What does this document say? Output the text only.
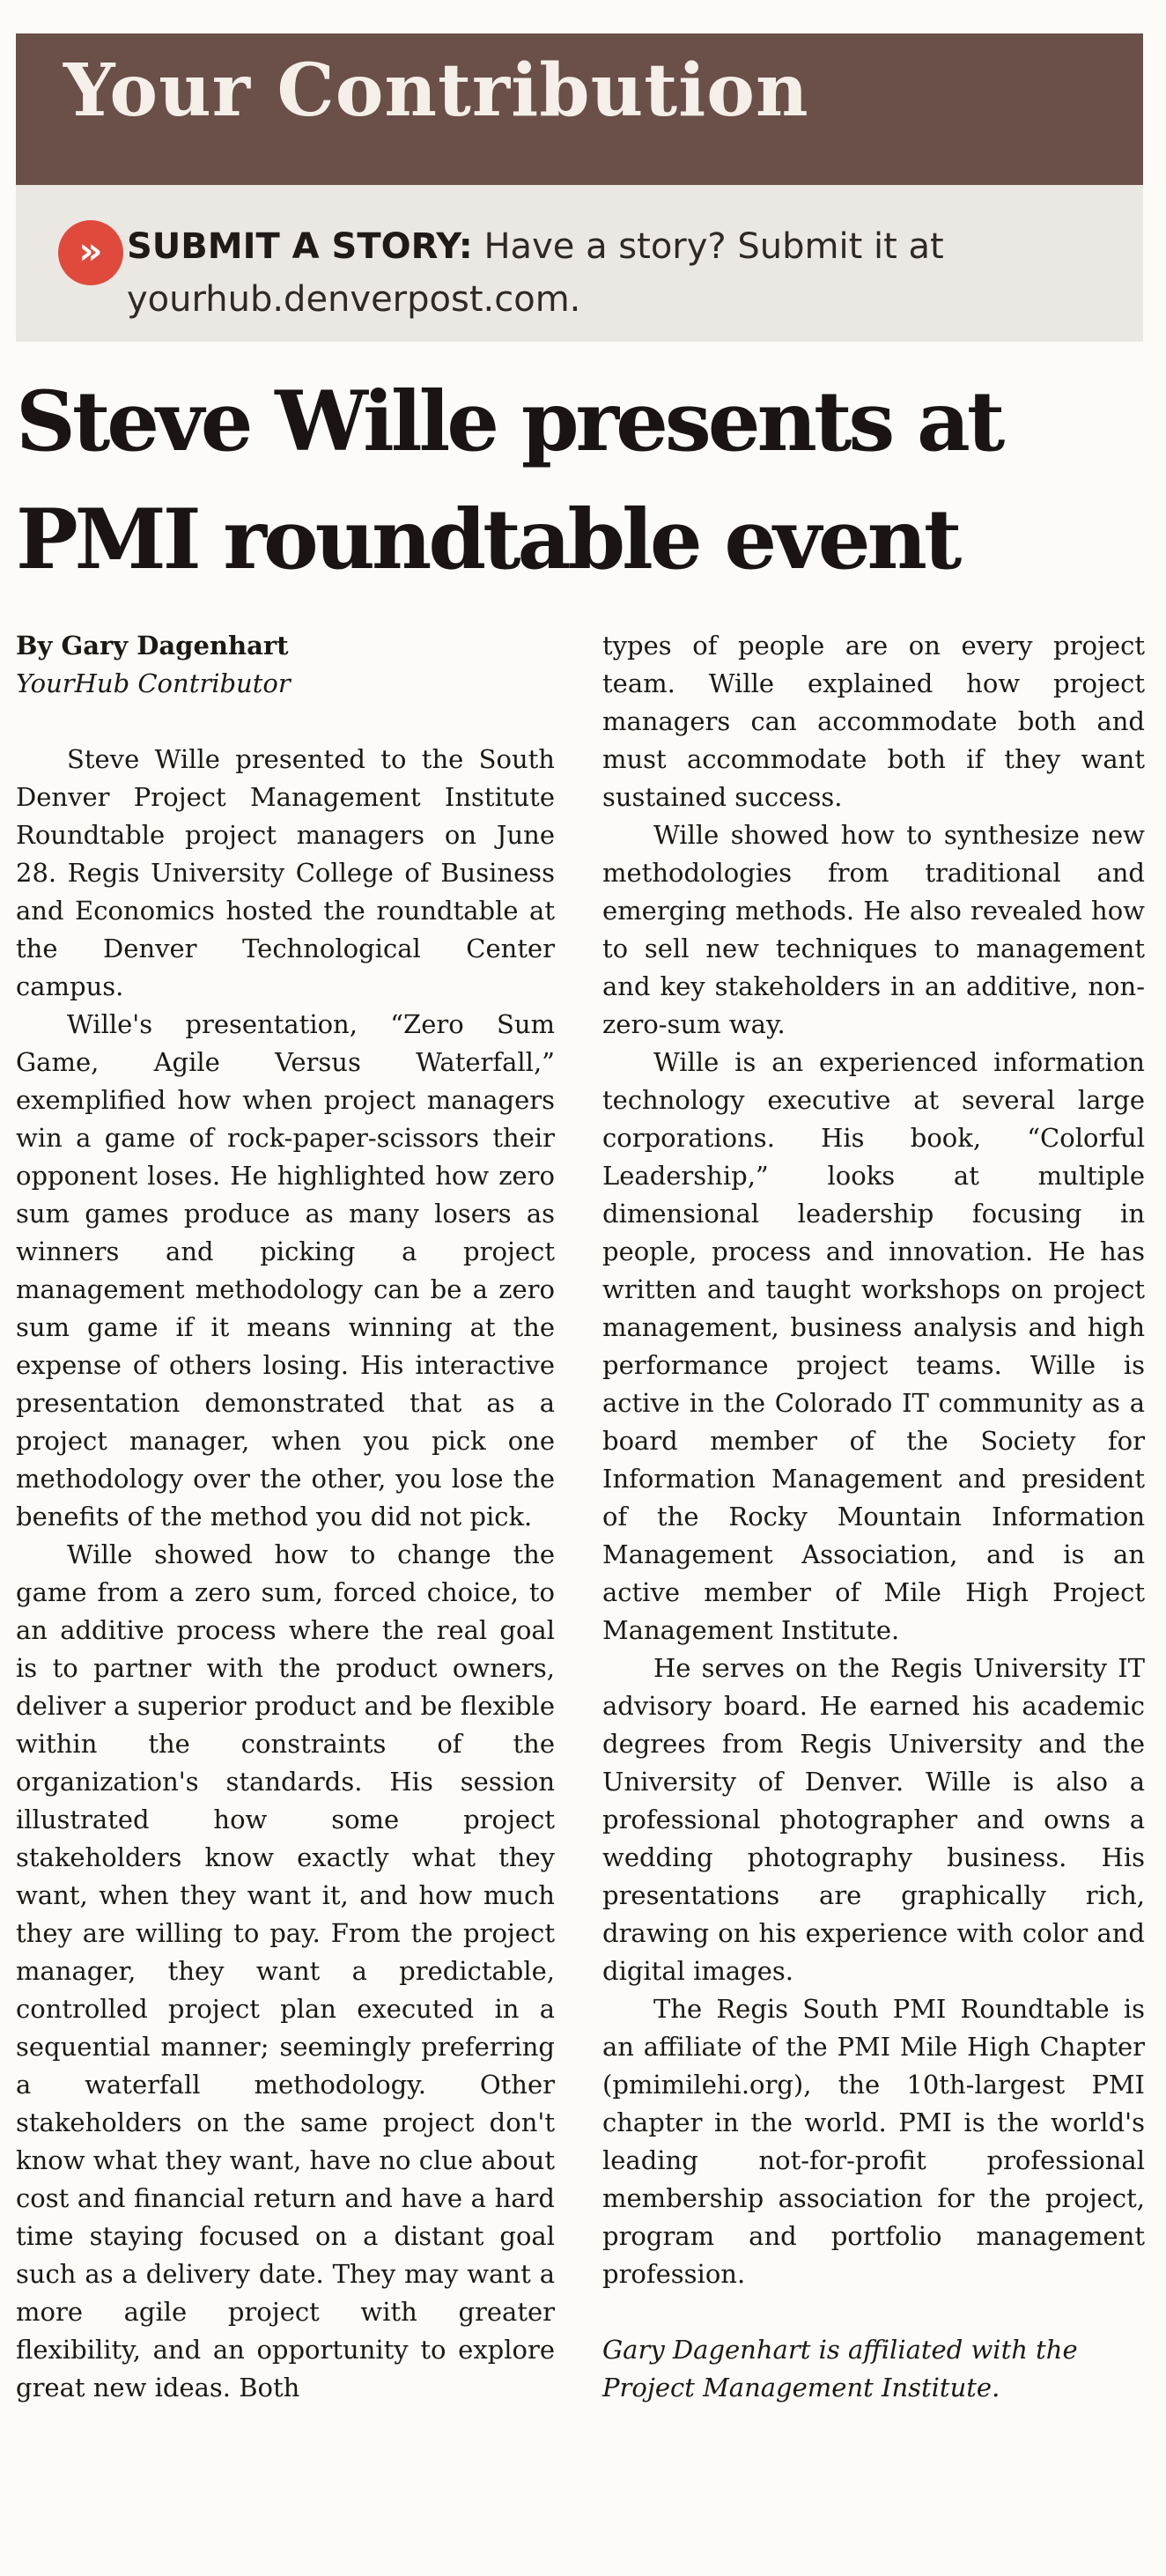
Your Contribution
» SUBMIT A STORY: Have a story? Submit it at
yourhub.denverpost.com.

Steve Wille presents at PMI roundtable event

By Gary Dagenhart

YourHub Contributor

Steve Wille presented to the South Denver Project Management Institute Roundtable project managers on June 28. Regis University College of Business and Economics hosted the roundtable at the Denver Technological Center campus.

Wille's presentation, “Zero Sum Game, Agile Versus Waterfall,” exemplified how when project managers win a game of rock-paper-scissors their opponent loses. He highlighted how zero sum games produce as many losers as winners and picking a project management methodology can be a zero sum game if it means winning at the expense of others losing. His interactive presentation demonstrated that as a project manager, when you pick one methodology over the other, you lose the benefits of the method you did not pick.

Wille showed how to change the game from a zero sum, forced choice, to an additive process where the real goal is to partner with the product owners, deliver a superior product and be flexible within the constraints of the organization's standards. His session illustrated how some project stakeholders know exactly what they want, when they want it, and how much they are willing to pay. From the project manager, they want a predictable, controlled project plan executed in a sequential manner; seemingly preferring a waterfall methodology. Other stakeholders on the same project don't know what they want, have no clue about cost and financial return and have a hard time staying focused on a distant goal such as a delivery date. They may want a more agile project with greater flexibility, and an opportunity to explore great new ideas. Both

types of people are on every project team. Wille explained how project managers can accommodate both and must accommodate both if they want sustained success.

Wille showed how to synthesize new methodologies from traditional and emerging methods. He also revealed how to sell new techniques to management and key stakeholders in an additive, non-zero-sum way.

Wille is an experienced information technology executive at several large corporations. His book, “Colorful Leadership,” looks at multiple dimensional leadership focusing in people, process and innovation. He has written and taught workshops on project management, business analysis and high performance project teams. Wille is active in the Colorado IT community as a board member of the Society for Information Management and president of the Rocky Mountain Information Management Association, and is an active member of Mile High Project Management Institute.

He serves on the Regis University IT advisory board. He earned his academic degrees from Regis University and the University of Denver. Wille is also a professional photographer and owns a wedding photography business. His presentations are graphically rich, drawing on his experience with color and digital images.

The Regis South PMI Roundtable is an affiliate of the PMI Mile High Chapter (pmimilehi.org), the 10th-largest PMI chapter in the world. PMI is the world's leading not-for-profit professional membership association for the project, program and portfolio management profession.

Gary Dagenhart is affiliated with the Project Management Institute.
